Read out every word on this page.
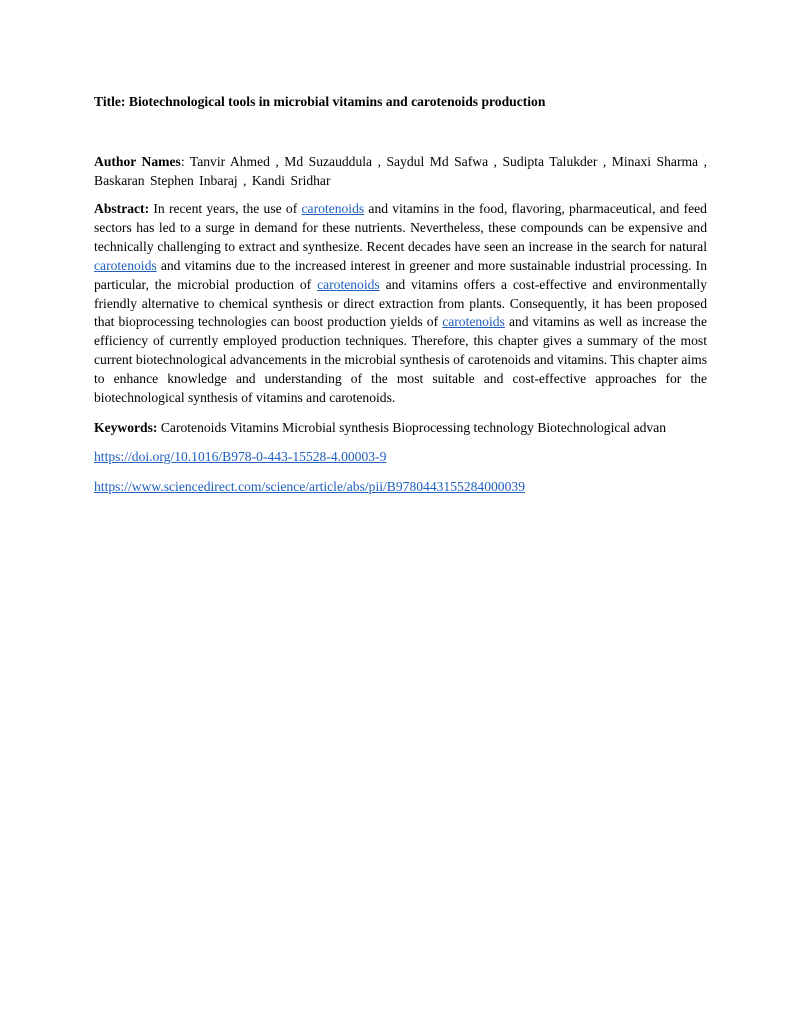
Title: Biotechnological tools in microbial vitamins and carotenoids production

Author Names: Tanvir Ahmed , Md Suzauddula , Saydul Md Safwa , Sudipta Talukder , Minaxi Sharma , Baskaran Stephen Inbaraj , Kandi Sridhar

Abstract: In recent years, the use of carotenoids and vitamins in the food, flavoring, pharmaceutical, and feed sectors has led to a surge in demand for these nutrients. Nevertheless, these compounds can be expensive and technically challenging to extract and synthesize. Recent decades have seen an increase in the search for natural carotenoids and vitamins due to the increased interest in greener and more sustainable industrial processing. In particular, the microbial production of carotenoids and vitamins offers a cost-effective and environmentally friendly alternative to chemical synthesis or direct extraction from plants. Consequently, it has been proposed that bioprocessing technologies can boost production yields of carotenoids and vitamins as well as increase the efficiency of currently employed production techniques. Therefore, this chapter gives a summary of the most current biotechnological advancements in the microbial synthesis of carotenoids and vitamins. This chapter aims to enhance knowledge and understanding of the most suitable and cost-effective approaches for the biotechnological synthesis of vitamins and carotenoids.

Keywords: Carotenoids Vitamins Microbial synthesis Bioprocessing technology Biotechnological advan

https://doi.org/10.1016/B978-0-443-15528-4.00003-9

https://www.sciencedirect.com/science/article/abs/pii/B9780443155284000039
